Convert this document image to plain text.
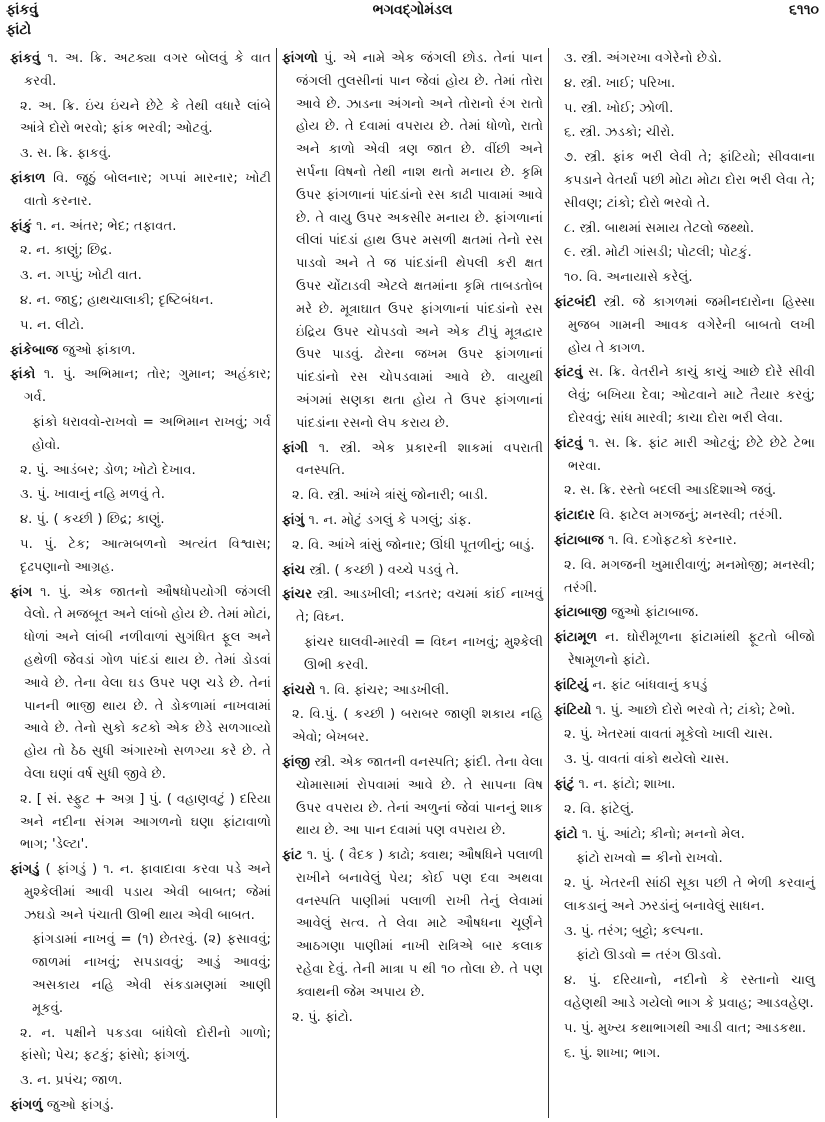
ફાંકવું
ફાંટો
ભગવદ્ગોમંડલ	૬૧૧૦

ફાંકવું ૧. અ. ક્રિ. અટક્યા વગર બોલવું કે વાત કરવી.

૨. અ. ક્રિ. ઇંચ ઇંચને છેટે કે તેથી વધારે લાંબે આંત્રે દોરો ભરવો; ફાંક ભરવી; ઓટવું.

૩. સ. ક્રિ. ફાકવું.

ફાંકાળ વિ. જૂઠું બોલનાર; ગપ્પાં મારનાર; ખોટી વાતો કરનાર.

ફાંકું ૧. ન. અંતર; ભેદ; તફાવત.

૨. ન. કાણું; છિદ્ર.

૩. ન. ગપ્પું; ખોટી વાત.

૪. ન. જાદુ; હાથચાલાકી; દૃષ્ટિબંધન.

૫. ન. લીટો.

ફાંકેબાજ જુઓ ફાંકાળ.

ફાંકો ૧. પું. અભિમાન; તોર; ગુમાન; અહંકાર; ગર્વ.

ફાંકો ધરાવવો-રાખવો = અભિમાન રાખવું; ગર્વ હોવો.

૨. પું. આડંબર; ડોળ; ખોટો દેખાવ.

૩. પું. ખાવાનું નહિ મળવું તે.

૪. પું. ( કચ્છી ) છિદ્ર; કાણું.

૫. પું. ટેક; આત્મબળનો અત્યંત વિશ્વાસ; દૃઢપણાનો આગ્રહ.

ફાંગ ૧. પું. એક જાતનો ઔષધોપયોગી જંગલી વેલો. તે મજબૂત અને લાંબો હોય છે. તેમાં મોટાં, ધોળાં અને લાંબી નળીવાળાં સુગંધિત ફૂલ અને હથેળી જેવડાં ગોળ પાંદડાં થાય છે. તેમાં ડોડવાં આવે છે. તેના વેલા ઘડ ઉપર પણ ચડે છે. તેનાં પાનની ભાજી થાય છે. તે ડોકળામાં નાખવામાં આવે છે. તેનો સુકો કટકો એક છેડે સળગાવ્યો હોય તો ઠેઠ સુધી અંગારખો સળગ્યા કરે છે. તે વેલા ઘણાં વર્ષ સુધી જીવે છે.

૨. [ સં. સ્ફુટ + અગ્ર ] પું. ( વહાણવટું ) દરિયા અને નદીના સંગમ આગળનો ઘણા ફાંટાવાળો ભાગ; 'ડેલ્ટા'.

ફાંગડું ( ફાંગડું ) ૧. ન. ફાવાદાવા કરવા પડે અને મુશ્કેલીમાં આવી પડાય એવી બાબત; જેમાં ઝઘડો અને પંચાતી ઊભી થાય એવી બાબત.

ફાંગડામાં નાખવું = (૧) છેતરવું. (૨) ફસાવવું; જાળમાં નાખવું; સપડાવવું; આડું આવવું; અસકાય નહિ એવી સંકડામણમાં આણી મૂકવું.

૨. ન. પક્ષીને પકડવા બાંધેલો દોરીનો ગાળો; ફાંસો; પેચ; ફટકું; ફાંસો; ફાંગળું.

૩. ન. પ્રપંચ; જાળ.

ફાંગળું જુઓ ફાંગડું.

ફાંગળો પું. એ નામે એક જંગલી છોડ. તેનાં પાન જંગલી તુલસીનાં પાન જેવાં હોય છે. તેમાં તોરા આવે છે. ઝાડના અંગનો અને તોરાનો રંગ રાતો હોય છે. તે દવામાં વપરાય છે. તેમાં ધોળો, રાતો અને કાળો એવી ત્રણ જાત છે. વીંછી અને સર્પના વિષનો તેથી નાશ થતો મનાય છે. કૃમિ ઉપર ફાંગળાનાં પાંદડાંનો રસ કાઢી પાવામાં આવે છે. તે વાયુ ઉપર અકસીર મનાય છે. ફાંગળાનાં લીલાં પાંદડાં હાથ ઉપર મસળી ક્ષતમાં તેનો રસ પાડવો અને તે જ પાંદડાંની થેપલી કરી ક્ષત ઉપર ચોંટાડવી એટલે ક્ષતમાંના કૃમિ તાબડતોબ મરે છે. મૂત્રાઘાત ઉપર ફાંગળાનાં પાંદડાંનો રસ ઇંદ્રિય ઉપર ચોપડવો અને એક ટીપું મૂત્રદ્વાર ઉપર પાડવું. ઢોરના જખમ ઉપર ફાંગળાનાં પાંદડાંનો રસ ચોપડવામાં આવે છે. વાયુથી અંગમાં સણકા થતા હોય તે ઉપર ફાંગળાનાં પાંદડાંના રસનો લેપ કરાય છે.

ફાંગી ૧. સ્ત્રી. એક પ્રકારની શાકમાં વપરાતી વનસ્પતિ.

૨. વિ. સ્ત્રી. આંખે ત્રાંસું જોનારી; બાડી.

ફાંગું ૧. ન. મોટું ડગલું કે પગલું; ડાંફ.

૨. વિ. આંખે ત્રાંસું જોનાર; ઊંધી પૂતળીનું; બાડું.

ફાંચ સ્ત્રી. ( કચ્છી ) વચ્ચે પડવું તે.

ફાંચર સ્ત્રી. આડખીલી; નડતર; વચમાં કાંઈ નાખવું તે; વિઘ્ન.

ફાંચર ઘાલવી-મારવી = વિઘ્ન નાખવું; મુશ્કેલી ઊભી કરવી.

ફાંચરો ૧. વિ. ફાંચર; આડખીલી.

૨. વિ.પું. ( કચ્છી ) બરાબર જાણી શકાય નહિ એવો; બેખબર.

ફાંજી સ્ત્રી. એક જાતની વનસ્પતિ; ફાંદી. તેના વેલા ચોમાસામાં રોપવામાં આવે છે. તે સાપના વિષ ઉપર વપરાય છે. તેનાં અળુનાં જેવાં પાનનું શાક થાય છે. આ પાન દવામાં પણ વપરાય છે.

ફાંટ ૧. પું. ( વૈદક ) કાઢો; ક્વાથ; ઔષધિને પલાળી રાખીને બનાવેલું પેય; કોઈ પણ દવા અથવા વનસ્પતિ પાણીમાં પલાળી રાખી તેનું લેવામાં આવેલું સત્વ. તે લેવા માટે ઔષધના ચૂર્ણને આઠગણા પાણીમાં નાખી રાત્રિએ બાર કલાક રહેવા દેવું. તેની માત્રા ૫ થી ૧૦ તોલા છે. તે પણ ક્વાથની જેમ અપાય છે.

૨. પું. ફાંટો.

૩. સ્ત્રી. અંગરખા વગેરેનો છેડો.

૪. સ્ત્રી. ખાઈ; પરિખા.

૫. સ્ત્રી. ખોઈ; ઝોળી.

૬. સ્ત્રી. ઝડકો; ચીરો.

૭. સ્ત્રી. ફાંક ભરી લેવી તે; ફાંટિયો; સીવવાના કપડાને વેતર્યા પછી મોટા મોટા દોરા ભરી લેવા તે; સીવણ; ટાંકો; દોરો ભરવો તે.

૮. સ્ત્રી. બાથમાં સમાય તેટલો જથ્થો.

૯. સ્ત્રી. મોટી ગાંસડી; પોટલી; પોટકું.

૧૦. વિ. અનાયાસે કરેલું.

ફાંટબંદી સ્ત્રી. જે કાગળમાં જમીનદારોના હિસ્સા મુજબ ગામની આવક વગેરેની બાબતો લખી હોય તે કાગળ.

ફાંટવું સ. ક્રિ. વેતરીને કાચું કાચું આછે દોરે સીવી લેવું; બખિયા દેવા; ઓટવાને માટે તૈયાર કરવું; દોરવવું; સાંધ મારવી; કાચા દોરા ભરી લેવા.

ફાંટવું ૧. સ. ક્રિ. ફાંટ મારી ઓટવું; છેટે છેટે ટેભા ભરવા.

૨. સ. ક્રિ. રસ્તો બદલી આડદિશાએ જવું.

ફાંટાદાર વિ. ફાટેલ મગજનું; મનસ્વી; તરંગી.

ફાંટાબાજ ૧. વિ. દગોફટકો કરનાર.

૨. વિ. મગજની ખુમારીવાળું; મનમોજી; મનસ્વી; તરંગી.

ફાંટાબાજી જુઓ ફાંટાબાજ.

ફાંટામૂળ ન. ઘોરીમૂળના ફાંટામાંથી ફૂટતો બીજો રેષામૂળનો ફાંટો.

ફાંટિયું ન. ફાંટ બાંધવાનું કપડું

ફાંટિયો ૧. પું. આછો દોરો ભરવો તે; ટાંકો; ટેભો.

૨. પું. ખેતરમાં વાવતાં મૂકેલો ખાલી ચાસ.

૩. પું. વાવતાં વાંકો થયેલો ચાસ.

ફાંટું ૧. ન. ફાંટો; શાખા.

૨. વિ. ફાંટેલું.

ફાંટો ૧. પું. આંટો; કીનો; મનનો મેલ.

ફાંટો રાખવો = કીનો રાખવો.

૨. પું. ખેતરની સાંઠી સૂકા પછી તે ભેળી કરવાનું લાકડાનું અને ઝરડાંનું બનાવેલું સાધન.

૩. પું. તરંગ; બુટ્ટો; કલ્પના.

ફાંટો ઊડવો = તરંગ ઊડવો.

૪. પું. દરિયાનો, નદીનો કે રસ્તાનો ચાલુ વહેણથી આડે ગયેલો ભાગ કે પ્રવાહ; આડવહેણ.

૫. પું. મુખ્ય કથાભાગથી આડી વાત; આડકથા.

૬. પું. શાખા; ભાગ.
